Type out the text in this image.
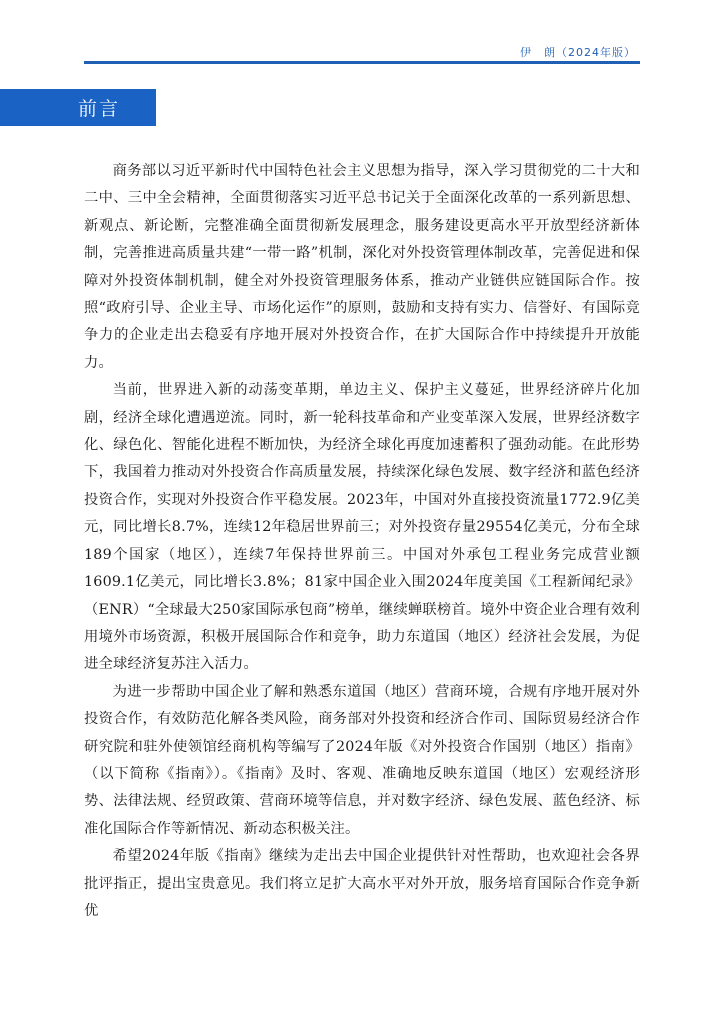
伊　朗（2024年版）
前言

商务部以习近平新时代中国特色社会主义思想为指导，深入学习贯彻党的二十大和二中、三中全会精神，全面贯彻落实习近平总书记关于全面深化改革的一系列新思想、新观点、新论断，完整准确全面贯彻新发展理念，服务建设更高水平开放型经济新体制，完善推进高质量共建“一带一路”机制，深化对外投资管理体制改革，完善促进和保障对外投资体制机制，健全对外投资管理服务体系，推动产业链供应链国际合作。按照“政府引导、企业主导、市场化运作”的原则，鼓励和支持有实力、信誉好、有国际竞争力的企业走出去稳妥有序地开展对外投资合作，在扩大国际合作中持续提升开放能力。

当前，世界进入新的动荡变革期，单边主义、保护主义蔓延，世界经济碎片化加剧，经济全球化遭遇逆流。同时，新一轮科技革命和产业变革深入发展，世界经济数字化、绿色化、智能化进程不断加快，为经济全球化再度加速蓄积了强劲动能。在此形势下，我国着力推动对外投资合作高质量发展，持续深化绿色发展、数字经济和蓝色经济投资合作，实现对外投资合作平稳发展。2023年，中国对外直接投资流量1772.9亿美元，同比增长8.7%，连续12年稳居世界前三；对外投资存量29554亿美元，分布全球189个国家（地区），连续7年保持世界前三。中国对外承包工程业务完成营业额1609.1亿美元，同比增长3.8%；81家中国企业入围2024年度美国《工程新闻纪录》（ENR）“全球最大250家国际承包商”榜单，继续蝉联榜首。境外中资企业合理有效利用境外市场资源，积极开展国际合作和竞争，助力东道国（地区）经济社会发展，为促进全球经济复苏注入活力。

为进一步帮助中国企业了解和熟悉东道国（地区）营商环境，合规有序地开展对外投资合作，有效防范化解各类风险，商务部对外投资和经济合作司、国际贸易经济合作研究院和驻外使领馆经商机构等编写了2024年版《对外投资合作国别（地区）指南》（以下简称《指南》）。《指南》及时、客观、准确地反映东道国（地区）宏观经济形势、法律法规、经贸政策、营商环境等信息，并对数字经济、绿色发展、蓝色经济、标准化国际合作等新情况、新动态积极关注。

希望2024年版《指南》继续为走出去中国企业提供针对性帮助，也欢迎社会各界批评指正，提出宝贵意见。我们将立足扩大高水平对外开放，服务培育国际合作竞争新优
